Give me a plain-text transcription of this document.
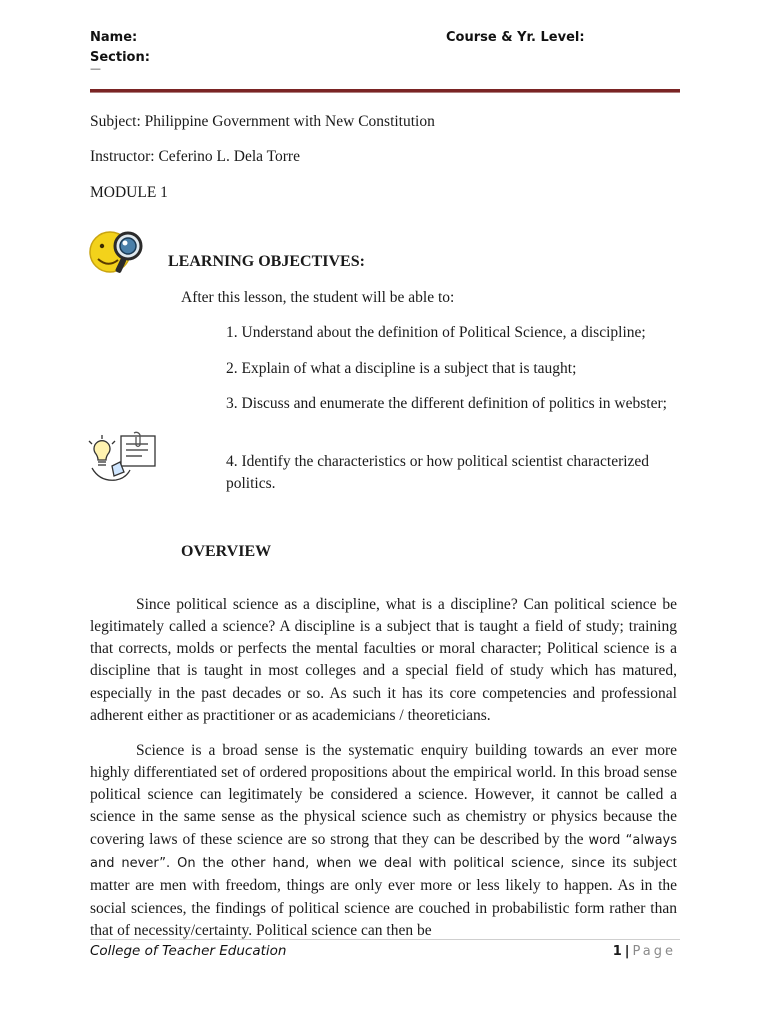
Name:	Course & Yr. Level:
Section:
—
Subject: Philippine Government with New Constitution
Instructor: Ceferino L. Dela Torre
MODULE 1
LEARNING OBJECTIVES:
After this lesson, the student will be able to:
1. Understand about the definition of Political Science, a discipline;
2. Explain of what a discipline is a subject that is taught;
3. Discuss and enumerate the different definition of politics in webster;
4. Identify the characteristics or how political scientist characterized politics.
OVERVIEW

Since political science as a discipline, what is a discipline? Can political science be legitimately called a science? A discipline is a subject that is taught a field of study; training that corrects, molds or perfects the mental faculties or moral character; Political science is a discipline that is taught in most colleges and a special field of study which has matured, especially in the past decades or so. As such it has its core competencies and professional adherent either as practitioner or as academicians / theoreticians.

Science is a broad sense is the systematic enquiry building towards an ever more highly differentiated set of ordered propositions about the empirical world. In this broad sense political science can legitimately be considered a science. However, it cannot be called a science in the same sense as the physical science such as chemistry or physics because the covering laws of these science are so strong that they can be described by the word “always and never”. On the other hand, when we deal with political science, since its subject matter are men with freedom, things are only ever more or less likely to happen. As in the social sciences, the findings of political science are couched in probabilistic form rather than that of necessity/certainty. Political science can then be

College of Teacher Education	1 | Page
